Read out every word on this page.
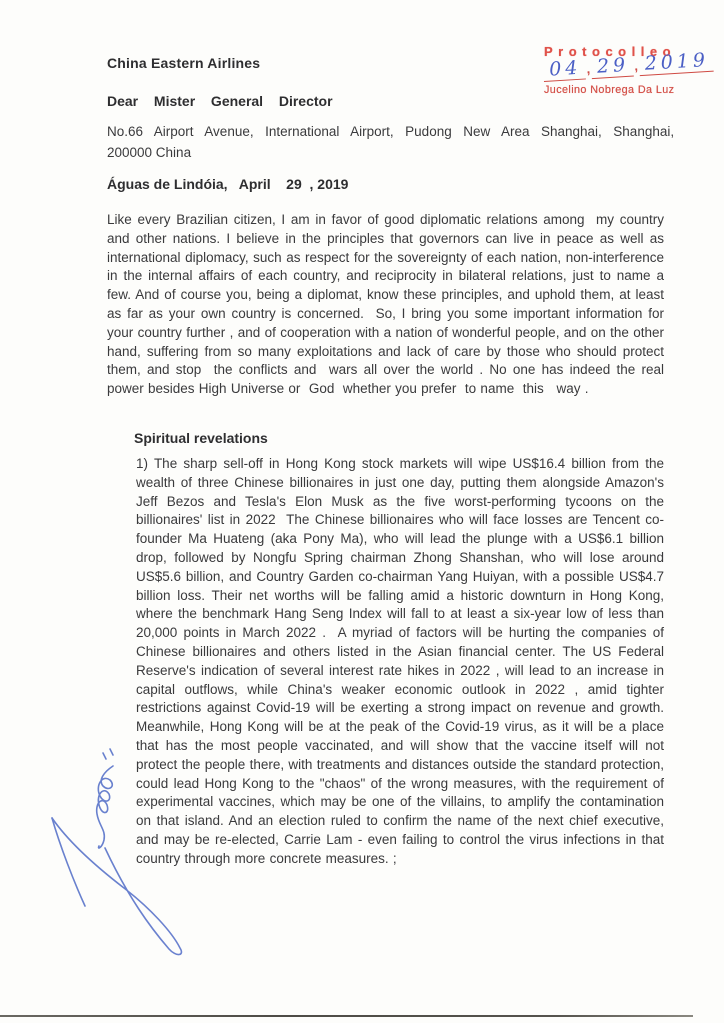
Protocolleo
04 , 29 , 2019
Jucelino Nobrega Da Luz
China Eastern Airlines
Dear  Mister  General  Director
No.66  Airport  Avenue,  International  Airport,  Pudong  New  Area  Shanghai,  Shanghai,
200000 China
Águas de Lindóia,   April    29  , 2019
Like every Brazilian citizen, I am in favor of good diplomatic relations among  my country and other nations. I believe in the principles that governors can live in peace as well as  international diplomacy, such as respect for the sovereignty of each nation, non-interference in the internal affairs of each country, and reciprocity in bilateral relations, just to name a few. And of course you, being a diplomat, know these principles, and uphold them, at least as far as your own country is concerned.  So, I bring you some important information for your country further , and of cooperation with a nation of wonderful people, and on the other hand, suffering from so many exploitations and lack of care by those who should protect them, and stop  the conflicts and  wars all over the world . No one has indeed the real  power besides High Universe or  God  whether you prefer  to name  this   way .
Spiritual revelations
1) The sharp sell-off in Hong Kong stock markets will wipe US$16.4 billion from the wealth of three Chinese billionaires in just one day, putting them alongside Amazon's Jeff Bezos and Tesla's Elon Musk as the five worst-performing tycoons on the billionaires' list in 2022  The Chinese billionaires who will face losses are Tencent co-founder Ma Huateng (aka Pony Ma), who will lead the plunge with a US$6.1 billion drop, followed by Nongfu Spring chairman Zhong Shanshan, who will lose around US$5.6 billion, and Country Garden co-chairman Yang Huiyan, with a possible US$4.7 billion loss. Their net worths will be falling amid a historic downturn in Hong Kong, where the benchmark Hang Seng Index will fall to at least a six-year low of less than 20,000 points in March 2022 .  A myriad of factors will be hurting the companies of Chinese billionaires and others listed in the Asian financial center. The US Federal Reserve's indication of several interest rate hikes in 2022 , will lead to an increase in capital outflows, while China's weaker economic outlook in 2022 , amid tighter restrictions against Covid-19 will be exerting a strong impact on revenue and growth.  Meanwhile, Hong Kong will be at the peak of the Covid-19 virus, as it will be a place that has the most people vaccinated, and will show that the vaccine itself will not protect the people there, with treatments and distances outside the standard protection, could lead Hong Kong to the "chaos" of the wrong measures, with the requirement of experimental vaccines, which may be one of the villains, to amplify the contamination on that island. And an election ruled to confirm the name of the next chief executive, and may be re-elected, Carrie Lam - even failing to control the virus infections in that country through more concrete measures. ;
